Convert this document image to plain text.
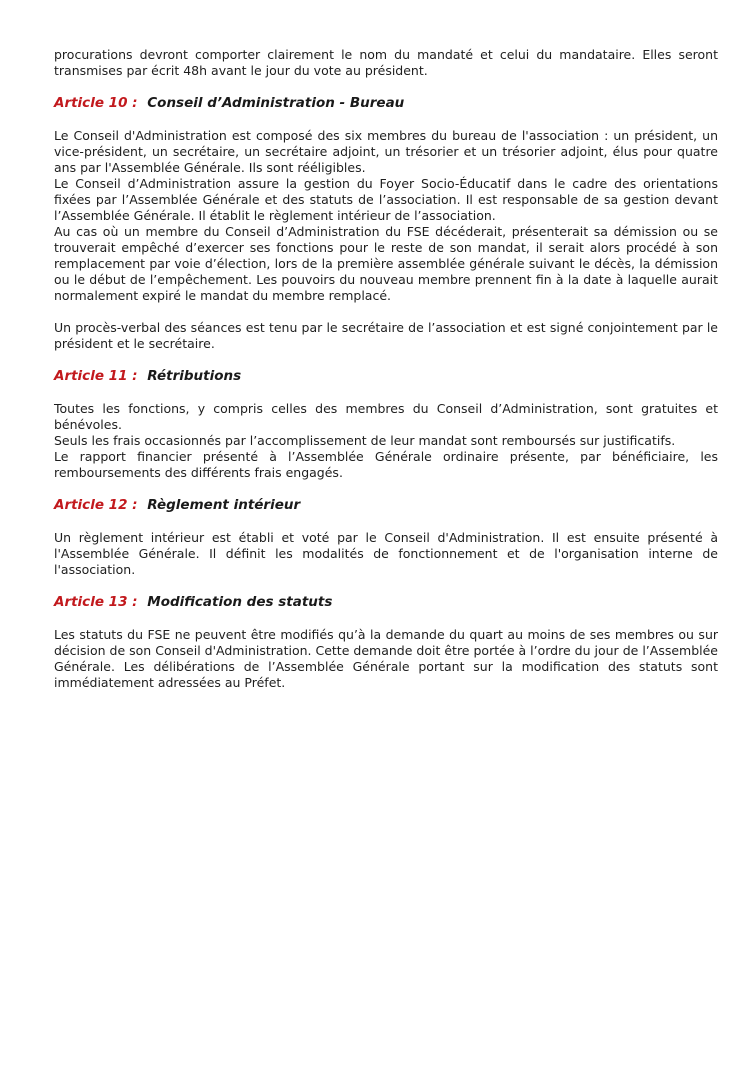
procurations devront comporter clairement le nom du mandaté et celui du mandataire. Elles seront transmises par écrit 48h avant le jour du vote au président.

Article 10 : Conseil d’Administration - Bureau

Le Conseil d'Administration est composé des six membres du bureau de l'association : un président, un vice-président, un secrétaire, un secrétaire adjoint, un trésorier et un trésorier adjoint, élus pour quatre ans par l'Assemblée Générale. Ils sont rééligibles.

Le Conseil d’Administration assure la gestion du Foyer Socio-Éducatif dans le cadre des orientations fixées par l’Assemblée Générale et des statuts de l’association. Il est responsable de sa gestion devant l’Assemblée Générale. Il établit le règlement intérieur de l’association.

Au cas où un membre du Conseil d’Administration du FSE décéderait, présenterait sa démission ou se trouverait empêché d’exercer ses fonctions pour le reste de son mandat, il serait alors procédé à son remplacement par voie d’élection, lors de la première assemblée générale suivant le décès, la démission ou le début de l’empêchement. Les pouvoirs du nouveau membre prennent fin à la date à laquelle aurait normalement expiré le mandat du membre remplacé.

Un procès-verbal des séances est tenu par le secrétaire de l’association et est signé conjointement par le président et le secrétaire.

Article 11 : Rétributions

Toutes les fonctions, y compris celles des membres du Conseil d’Administration, sont gratuites et bénévoles.

Seuls les frais occasionnés par l’accomplissement de leur mandat sont remboursés sur justificatifs.

Le rapport financier présenté à l’Assemblée Générale ordinaire présente, par bénéficiaire, les remboursements des différents frais engagés.

Article 12 : Règlement intérieur

Un règlement intérieur est établi et voté par le Conseil d'Administration. Il est ensuite présenté à l'Assemblée Générale. Il définit les modalités de fonctionnement et de l'organisation interne de l'association.

Article 13 : Modification des statuts

Les statuts du FSE ne peuvent être modifiés qu’à la demande du quart au moins de ses membres ou sur décision de son Conseil d'Administration. Cette demande doit être portée à l’ordre du jour de l’Assemblée Générale. Les délibérations de l’Assemblée Générale portant sur la modification des statuts sont immédiatement adressées au Préfet.
